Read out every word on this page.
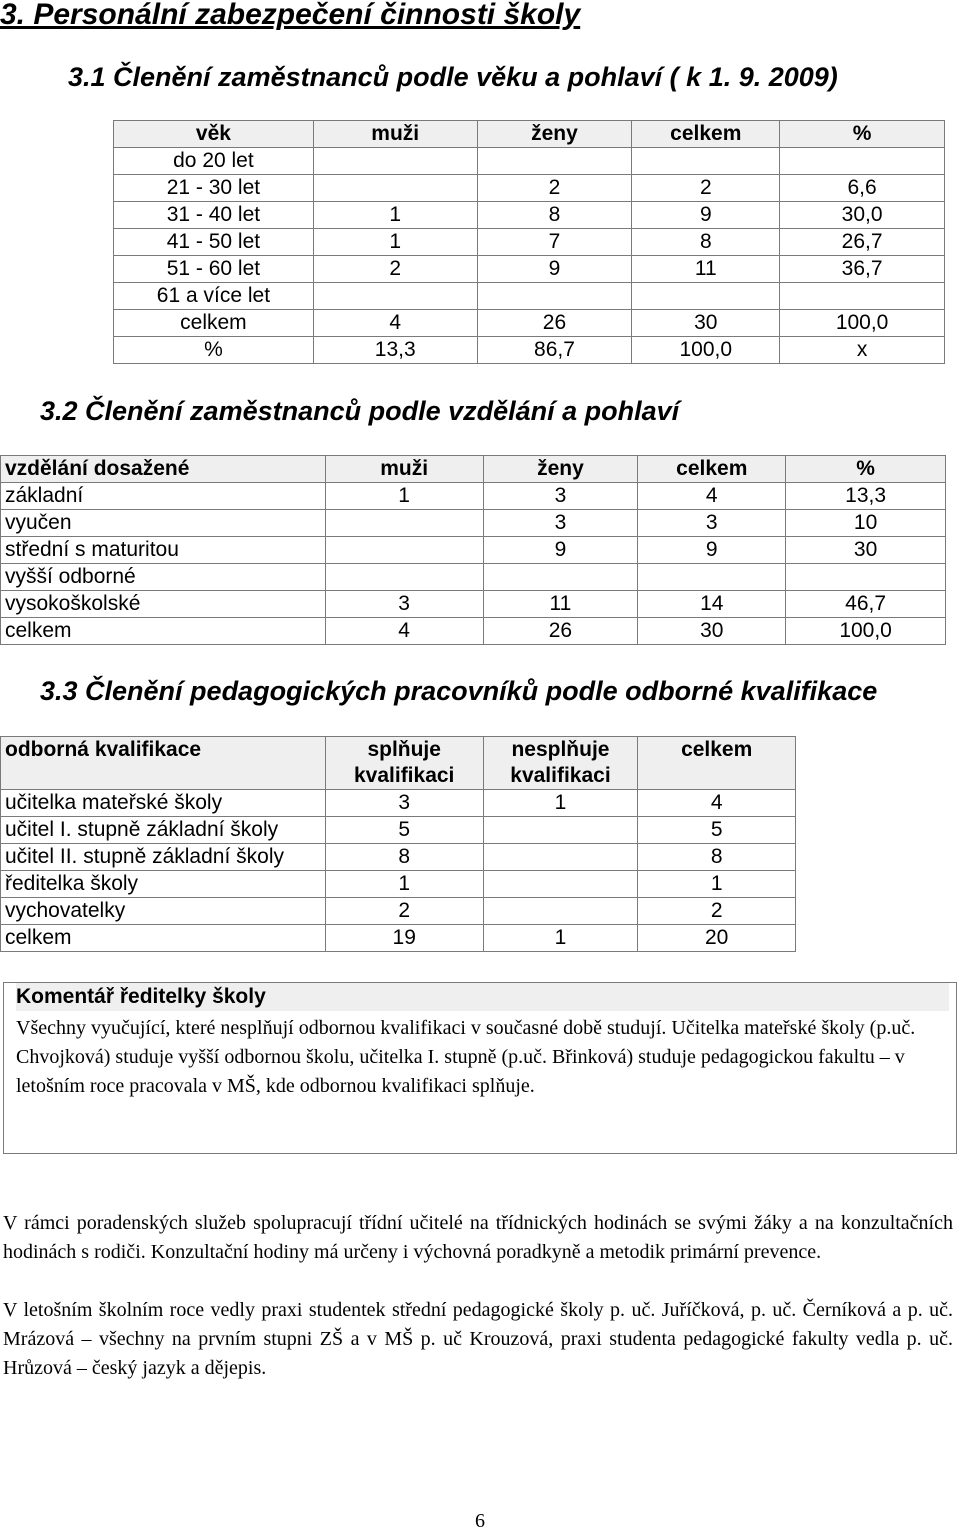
3. Personální zabezpečení činnosti školy
3.1 Členění zaměstnanců podle věku a pohlaví ( k 1. 9. 2009)
věk	muži	ženy	celkem	%
do 20 let				
21 - 30 let		2	2	6,6
31 - 40 let	1	8	9	30,0
41 - 50 let	1	7	8	26,7
51 - 60 let	2	9	11	36,7
61 a více let				
celkem	4	26	30	100,0
%	13,3	86,7	100,0	x
3.2 Členění zaměstnanců podle vzdělání a pohlaví
vzdělání dosažené	muži	ženy	celkem	%
základní	1	3	4	13,3
vyučen		3	3	10
střední s maturitou		9	9	30
vyšší odborné				
vysokoškolské	3	11	14	46,7
celkem	4	26	30	100,0
3.3 Členění pedagogických pracovníků podle odborné kvalifikace
odborná kvalifikace	splňuje kvalifikaci	nesplňuje kvalifikaci	celkem
učitelka mateřské školy	3	1	4
učitel I. stupně základní školy	5		5
učitel II. stupně základní školy	8		8
ředitelka školy	1		1
vychovatelky	2		2
celkem	19	1	20
Komentář ředitelky školy
Všechny vyučující, které nesplňují odbornou kvalifikaci v současné době studují. Učitelka mateřské školy (p.uč. Chvojková) studuje vyšší odbornou školu, učitelka I. stupně (p.uč. Břinková) studuje pedagogickou fakultu – v letošním roce pracovala v MŠ, kde odbornou kvalifikaci splňuje.
V rámci poradenských služeb spolupracují třídní učitelé na třídnických hodinách se svými žáky a na konzultačních hodinách s rodiči. Konzultační hodiny má určeny i výchovná poradkyně a metodik primární prevence.
V letošním školním roce vedly praxi studentek střední pedagogické školy p. uč. Juříčková, p. uč. Černíková a p. uč. Mrázová – všechny na prvním stupni ZŠ a v MŠ p. uč Krouzová, praxi studenta pedagogické fakulty vedla p. uč. Hrůzová – český jazyk a dějepis.
6
